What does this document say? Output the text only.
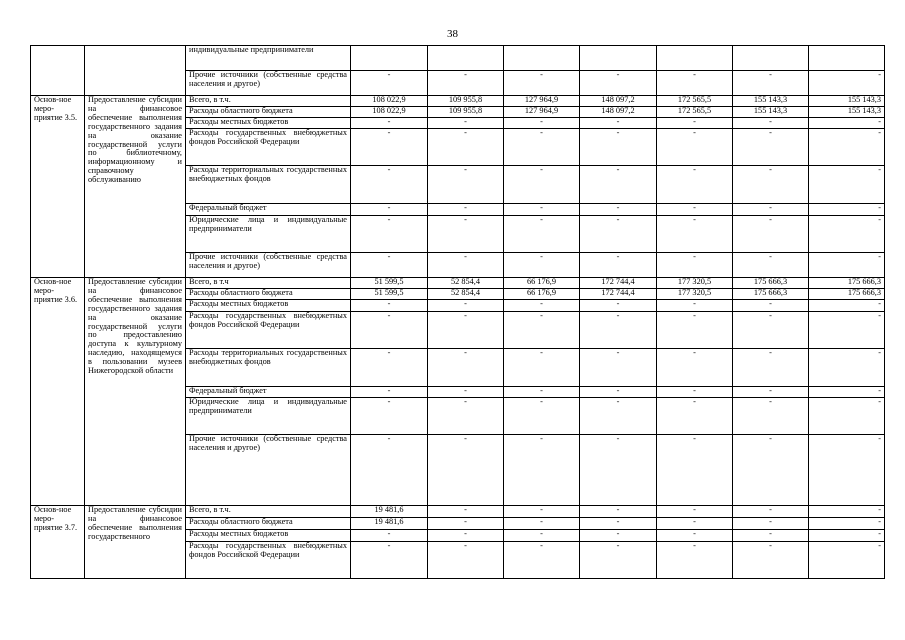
38
		индивидуальные предприниматели							
		Прочие источники (собственные средства населения и другое)	-	-	-	-	-	-	-
Основ-ное меро-приятие 3.5.	Предоставление субсидии на финансовое обеспечение выполнения государственного задания на оказание государственной услуги по библиотечному, информационному и справочному обслуживанию	Всего, в т.ч.	108 022,9	109 955,8	127 964,9	148 097,2	172 565,5	155 143,3	155 143,3
		Расходы областного бюджета	108 022,9	109 955,8	127 964,9	148 097,2	172 565,5	155 143,3	155 143,3
		Расходы местных бюджетов	-	-	-	-	-	-	-
		Расходы государственных внебюджетных фондов Российской Федерации	-	-	-	-	-	-	-
		Расходы территориальных государственных внебюджетных фондов	-	-	-	-	-	-	-
		Федеральный бюджет	-	-	-	-	-	-	-
		Юридические лица и индивидуальные предприниматели	-	-	-	-	-	-	-
		Прочие источники (собственные средства населения и другое)	-	-	-	-	-	-	-
Основ-ное меро-приятие 3.6.	Предоставление субсидии на финансовое обеспечение выполнения государственного задания на оказание государственной услуги по предоставлению доступа к культурному наследию, находящемуся в пользовании музеев Нижегородской области	Всего, в т.ч	51 599,5	52 854,4	66 176,9	172 744,4	177 320,5	175 666,3	175 666,3
		Расходы областного бюджета	51 599,5	52 854,4	66 176,9	172 744,4	177 320,5	175 666,3	175 666,3
		Расходы местных бюджетов	-	-	-	-	-	-	-
		Расходы государственных внебюджетных фондов Российской Федерации	-	-	-	-	-	-	-
		Расходы территориальных государственных внебюджетных фондов	-	-	-	-	-	-	-
		Федеральный бюджет	-	-	-	-	-	-	-
		Юридические лица и индивидуальные предприниматели	-	-	-	-	-	-	-
		Прочие источники (собственные средства населения и другое)	-	-	-	-	-	-	-
Основ-ное меро-приятие 3.7.	Предоставление субсидии на финансовое обеспечение выполнения государственного	Всего, в т.ч.	19 481,6	-	-	-	-	-	-
		Расходы областного бюджета	19 481,6	-	-	-	-	-	-
		Расходы местных бюджетов	-	-	-	-	-	-	-
		Расходы государственных внебюджетных фондов Российской Федерации	-	-	-	-	-	-	-
